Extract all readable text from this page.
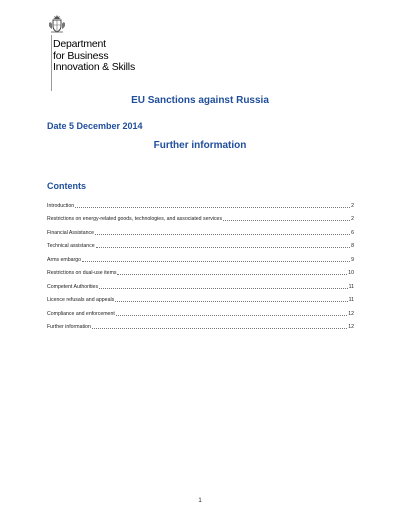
Department
for Business
Innovation & Skills
EU Sanctions against Russia
Date 5 December 2014
Further information
Contents
Introduction	2
Restrictions on energy-related goods, technologies, and associated services	2
Financial Assistance	6
Technical assistance	8
Arms embargo	9
Restrictions on dual-use items	10
Competent Authorities	11
Licence refusals and appeals	11
Compliance and enforcement	12
Further information	12
1
